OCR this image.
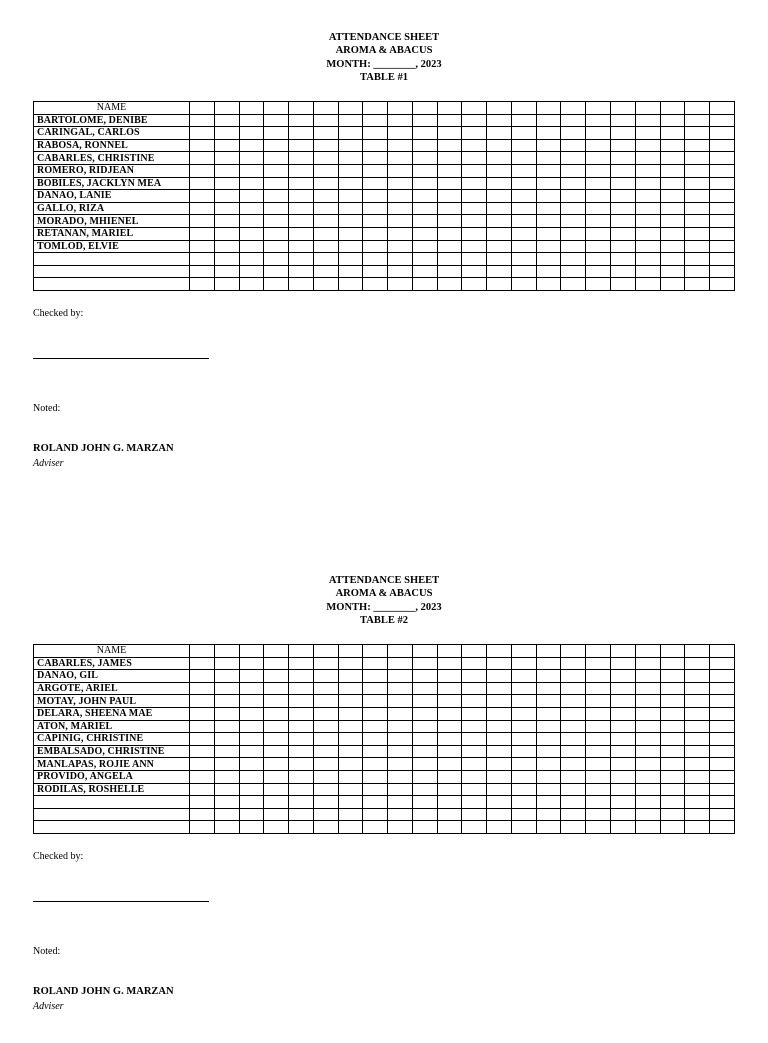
ATTENDANCE SHEET
AROMA & ABACUS
MONTH: ________, 2023
TABLE #1
NAME																						
BARTOLOME, DENIBE																						
CARINGAL, CARLOS																						
RABOSA, RONNEL																						
CABARLES, CHRISTINE																						
ROMERO, RIDJEAN																						
BOBILES, JACKLYN MEA																						
DANAO, LANIE																						
GALLO, RIZA																						
MORADO, MHIENEL																						
RETANAN, MARIEL																						
TOMLOD, ELVIE																						

Checked by:
Noted:
ROLAND JOHN G. MARZAN
Adviser
ATTENDANCE SHEET
AROMA & ABACUS
MONTH: ________, 2023
TABLE #2
NAME																						
CABARLES, JAMES																						
DANAO, GIL																						
ARGOTE, ARIEL																						
MOTAY, JOHN PAUL																						
DELARA, SHEENA MAE																						
ATON, MARIEL																						
CAPINIG, CHRISTINE																						
EMBALSADO, CHRISTINE																						
MANLAPAS, ROJIE ANN																						
PROVIDO, ANGELA																						
RODILAS, ROSHELLE																						

Checked by:
Noted:
ROLAND JOHN G. MARZAN
Adviser
